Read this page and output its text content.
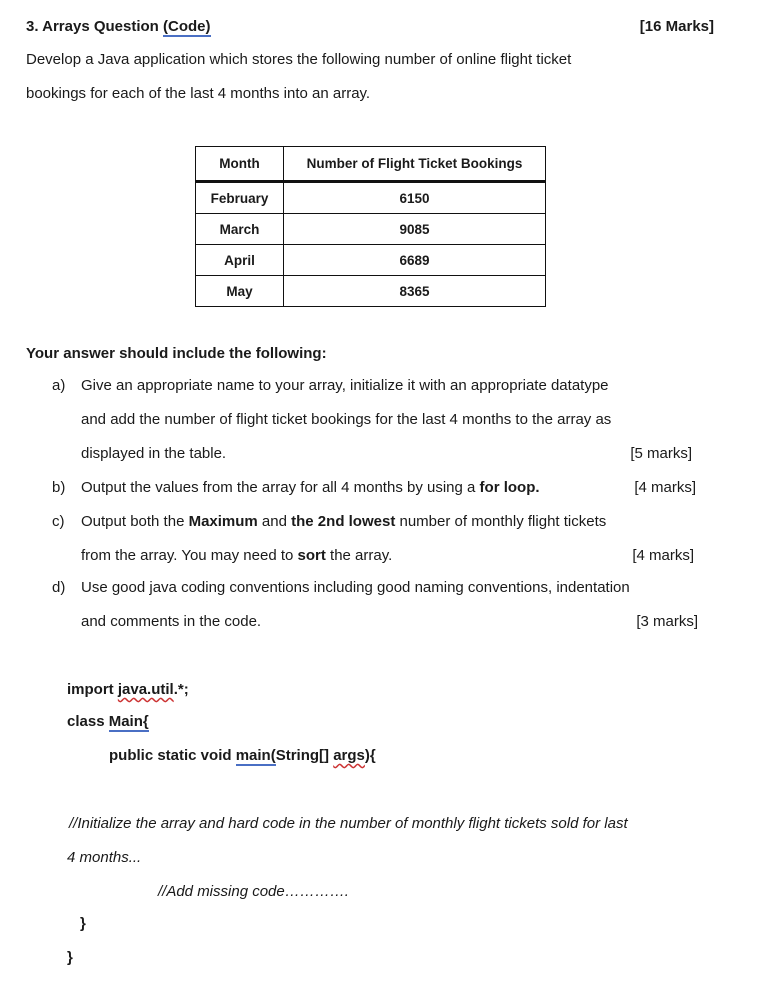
3. Arrays Question (Code)	[16 Marks]
Develop a Java application which stores the following number of online flight ticket
bookings for each of the last 4 months into an array.
Month	Number of Flight Ticket Bookings
February	6150
March	9085
April	6689
May	8365
Your answer should include the following:
a) Give an appropriate name to your array, initialize it with an appropriate datatype
and add the number of flight ticket bookings for the last 4 months to the array as
displayed in the table.	[5 marks]
b) Output the values from the array for all 4 months by using a for loop.	[4 marks]
c) Output both the Maximum and the 2nd lowest number of monthly flight tickets
from the array. You may need to sort the array.	[4 marks]
d) Use good java coding conventions including good naming conventions, indentation
and comments in the code.	[3 marks]
import java.util.*;
class Main{
public static void main(String[] args){
//Initialize the array and hard code in the number of monthly flight tickets sold for last
4 months...
//Add missing code………….
}
}
